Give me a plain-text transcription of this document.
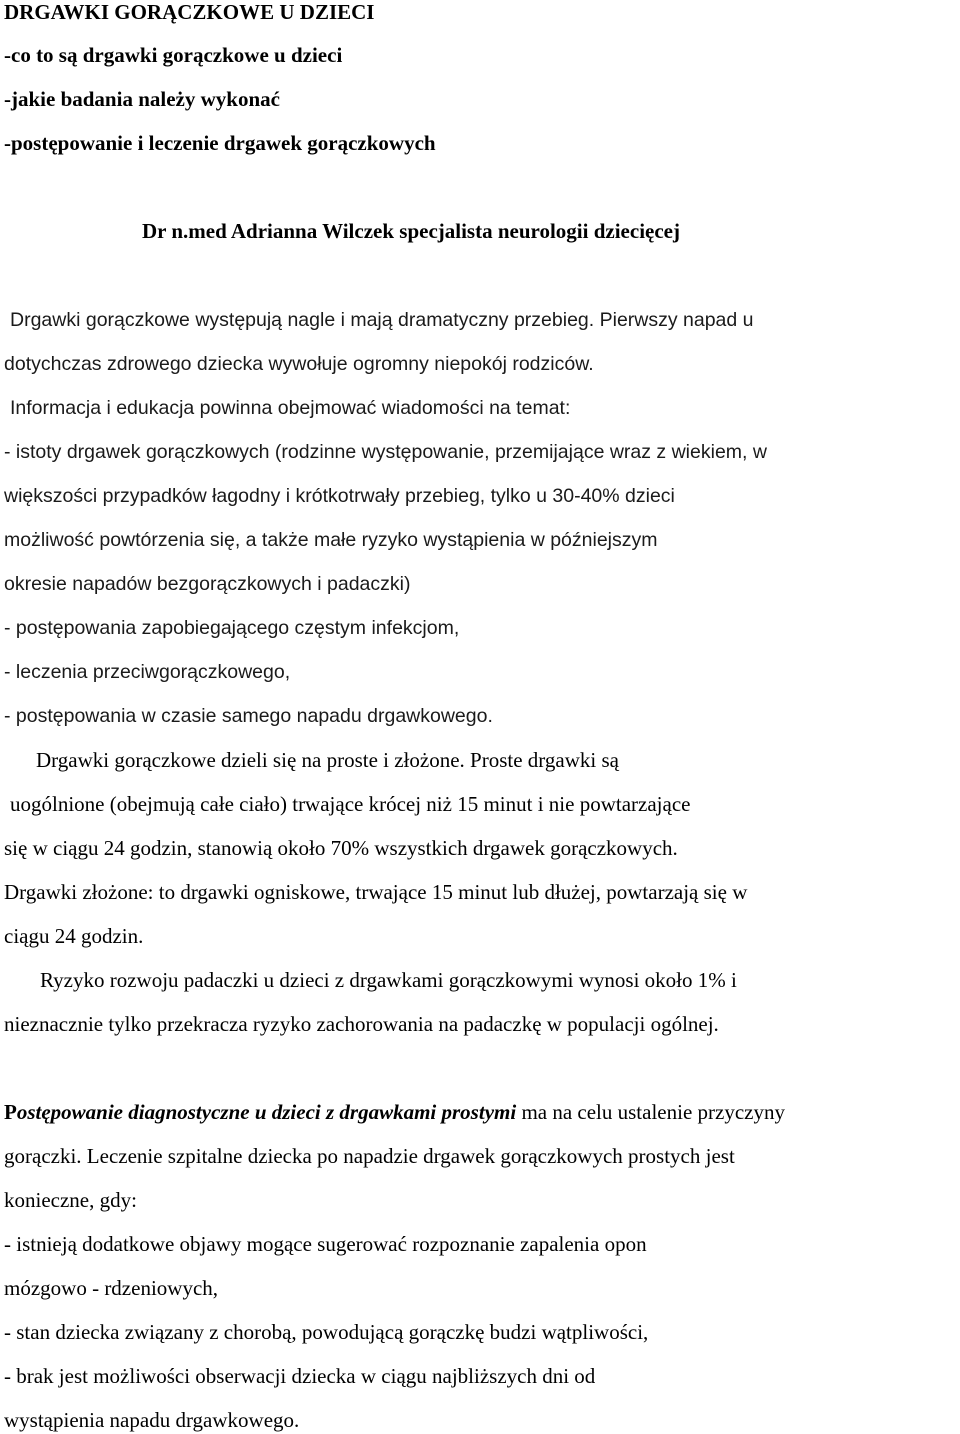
DRGAWKI GORĄCZKOWE U DZIECI
-co to są drgawki gorączkowe u dzieci
-jakie badania należy wykonać
-postępowanie i leczenie drgawek gorączkowych
Dr n.med Adrianna Wilczek specjalista neurologii dziecięcej
Drgawki gorączkowe występują nagle i mają dramatyczny przebieg. Pierwszy napad u
dotychczas zdrowego dziecka wywołuje ogromny niepokój rodziców.
Informacja i edukacja powinna obejmować wiadomości na temat:
- istoty drgawek gorączkowych (rodzinne występowanie, przemijające wraz z wiekiem, w
większości przypadków łagodny i krótkotrwały przebieg, tylko u 30-40% dzieci
możliwość powtórzenia się, a także małe ryzyko wystąpienia w późniejszym
okresie napadów bezgorączkowych i padaczki)
- postępowania zapobiegającego częstym infekcjom,
- leczenia przeciwgorączkowego,
- postępowania w czasie samego napadu drgawkowego.
Drgawki gorączkowe dzieli się na proste i złożone. Proste drgawki są
uogólnione (obejmują całe ciało) trwające krócej niż 15 minut i nie powtarzające
się w ciągu 24 godzin, stanowią około 70% wszystkich drgawek gorączkowych.
Drgawki złożone: to drgawki ogniskowe, trwające 15 minut lub dłużej, powtarzają się w
ciągu 24 godzin.
Ryzyko rozwoju padaczki u dzieci z drgawkami gorączkowymi wynosi około 1% i
nieznacznie tylko przekracza ryzyko zachorowania na padaczkę w populacji ogólnej.
Postępowanie diagnostyczne u dzieci z drgawkami prostymi ma na celu ustalenie przyczyny
gorączki. Leczenie szpitalne dziecka po napadzie drgawek gorączkowych prostych jest
konieczne, gdy:
- istnieją dodatkowe objawy mogące sugerować rozpoznanie zapalenia opon
mózgowo - rdzeniowych,
- stan dziecka związany z chorobą, powodującą gorączkę budzi wątpliwości,
- brak jest możliwości obserwacji dziecka w ciągu najbliższych dni od
wystąpienia napadu drgawkowego.
